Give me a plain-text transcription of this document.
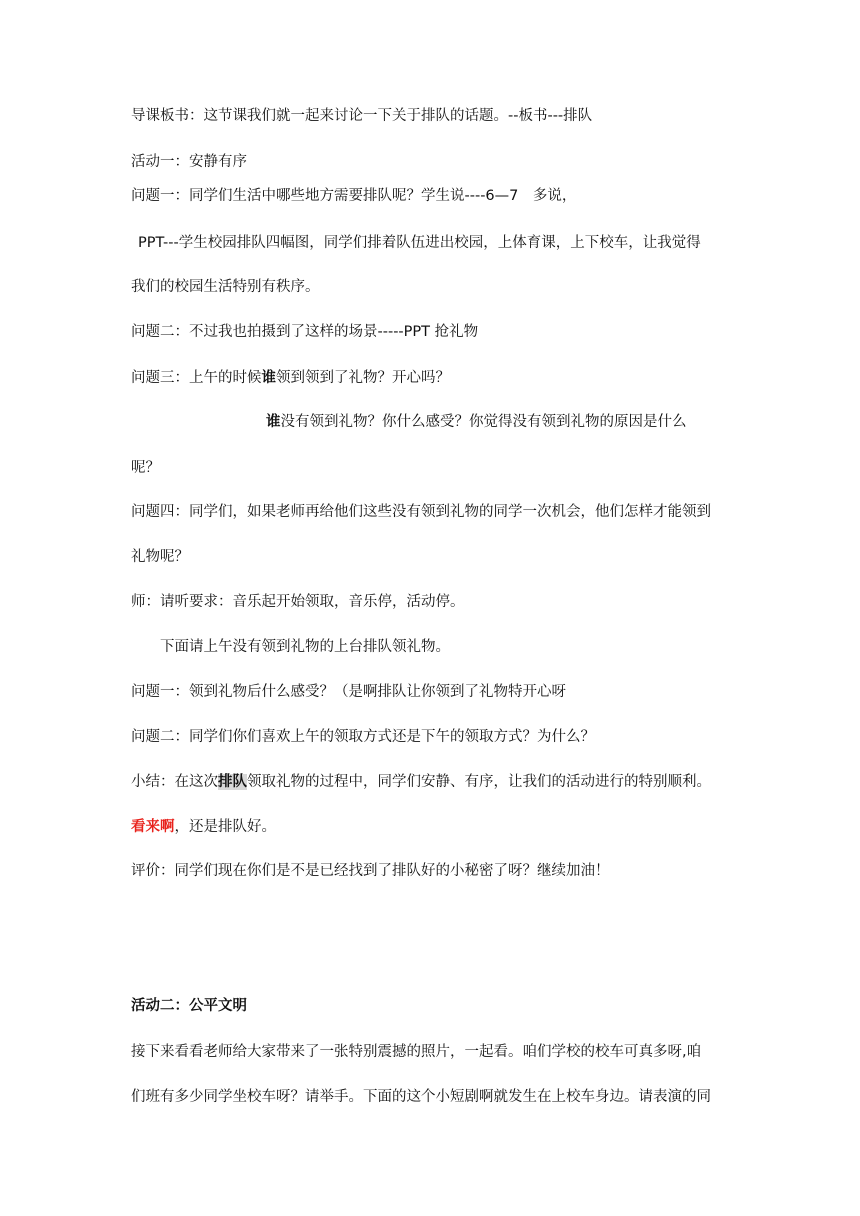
导课板书：这节课我们就一起来讨论一下关于排队的话题。--板书---排队
活动一：安静有序
问题一：同学们生活中哪些地方需要排队呢？学生说----6—7　多说，
PPT---学生校园排队四幅图，同学们排着队伍进出校园，上体育课，上下校车，让我觉得
我们的校园生活特别有秩序。
问题二：不过我也拍摄到了这样的场景-----PPT 抢礼物
问题三：上午的时候谁领到领到了礼物？开心吗？
谁没有领到礼物？你什么感受？你觉得没有领到礼物的原因是什么
呢？
问题四：同学们，如果老师再给他们这些没有领到礼物的同学一次机会，他们怎样才能领到
礼物呢？
师：请听要求：音乐起开始领取，音乐停，活动停。
下面请上午没有领到礼物的上台排队领礼物。
问题一：领到礼物后什么感受？（是啊排队让你领到了礼物特开心呀
问题二：同学们你们喜欢上午的领取方式还是下午的领取方式？为什么？
小结：在这次排队领取礼物的过程中，同学们安静、有序，让我们的活动进行的特别顺利。
看来啊，还是排队好。
评价：同学们现在你们是不是已经找到了排队好的小秘密了呀？继续加油！
活动二：公平文明
接下来看看老师给大家带来了一张特别震撼的照片，一起看。咱们学校的校车可真多呀,咱
们班有多少同学坐校车呀？请举手。下面的这个小短剧啊就发生在上校车身边。请表演的同
